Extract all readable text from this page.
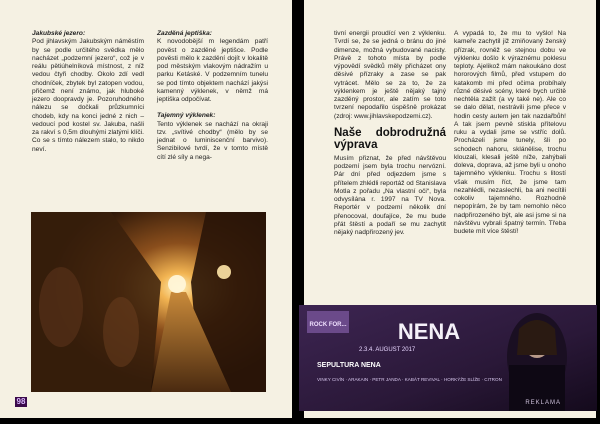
Jakubské jezero:

Pod jihlavským Jakubským náměstím by se podle určitého svědka mělo nacházet „podzemní jezero“, což je v reálu pětiúhelníková místnost, z níž vedou čtyři chodby. Okolo zdí vedl chodníček, zbytek byl zatopen vodou, přičemž není známo, jak hluboké jezero doopravdy je. Pozoruhodného nálezu se dočkali průzkumníci chodeb, kdy na konci jedné z nich – vedoucí pod kostel sv. Jakuba, našli za rakví s 0,5m dlouhými zlatými klíči. Co se s tímto nálezem stalo, to nikdo neví.

Zazděná jeptiška:

K novodobější m legendám patří pověst o zazděné jeptišce. Podle pověsti mělo k zazdění dojít v lokalitě pod městským vlakovým nádražím u parku Ketáské. V podzemním tunelu se pod tímto objektem nachází jakýsi kamenný výklenek, v němž má jeptiška odpočívat.

Tajemný výklenek:

Tento výklenek se nachází na okraji tzv. „svítivé chodby“ (mělo by se jednat o luminiscenční barvivo). Senzibilové tvrdí, že v tomto místě cítí zlé síly a nega-

98

tivní energii proudící ven z výklenku. Tvrdí se, že se jedná o bránu do jiné dimenze, možná vybudované nacisty. Právě z tohoto místa by podle výpovědí svědků měly přicházet ony děsivé přízraky a zase se pak vytrácet. Mělo se za to, že za výklenkem je ještě nějaký tajný zazděný prostor, ale zatím se toto tvrzení nepodařilo úspěšně prokázat (zdroj: www.jihlavskepodzemi.cz).

Naše dobrodružná výprava

Musím přiznat, že před návštěvou podzemí jsem byla trochu nervózní. Pár dní před odjezdem jsme s přítelem zhlédli reportáž od Stanislava Motla z pořadu „Na vlastní oči“, byla odvysílána r. 1997 na TV Nova. Reportér v podzemí několik dní přenocoval, doufajíce, že mu bude přát štěstí a podaří se mu zachytit nějaký nadpřirozený jev.

A vypadá to, že mu to vyšlo! Na kameře zachytil již zmiňovaný ženský přízrak, rovněž se stejnou dobu ve výklenku došlo k výraznému poklesu teploty. Ajelikož mám nakoukáno dost hororových filmů, před vstupem do katakomb mi před očima probíhaly různé děsivé scény, které bych určitě nechtěla zažít (a vy také ne). Ale co se dalo dělat, nestrávili jsme přece v hodin cesty autem jen tak nazdařbůh! A tak jsem pevně stiskla přítelovu ruku a vydali jsme se vstříc dolů. Procházeli jsme tunely, šli po schodech nahoru, sklánělise, trochu klouzali, klesali ještě níže, zahýbali doleva, doprava, až jsme byli u onoho tajemného výklenku. Trochu s litostí však musím říct, že jsme tam nezahlédli, nezaslechli, ba ani necítili cokoliv tajemného. Rozhodně nepopírám, že by tam nemohlo něco nadpřirozeného být, ale asi jsme si na návštěvu vybrali špatný termín. Třeba budete mít více štěstí!

ROCK FOR... NENA
2.3.4. AUGUST 2017
SEPULTURA NENA
VINKY CIVÍN · ARAKAIN · PETR JANDA · KABÁT REVIVAL · HORKÝŽE SLÍŽE · CITRON
REKLAMA
